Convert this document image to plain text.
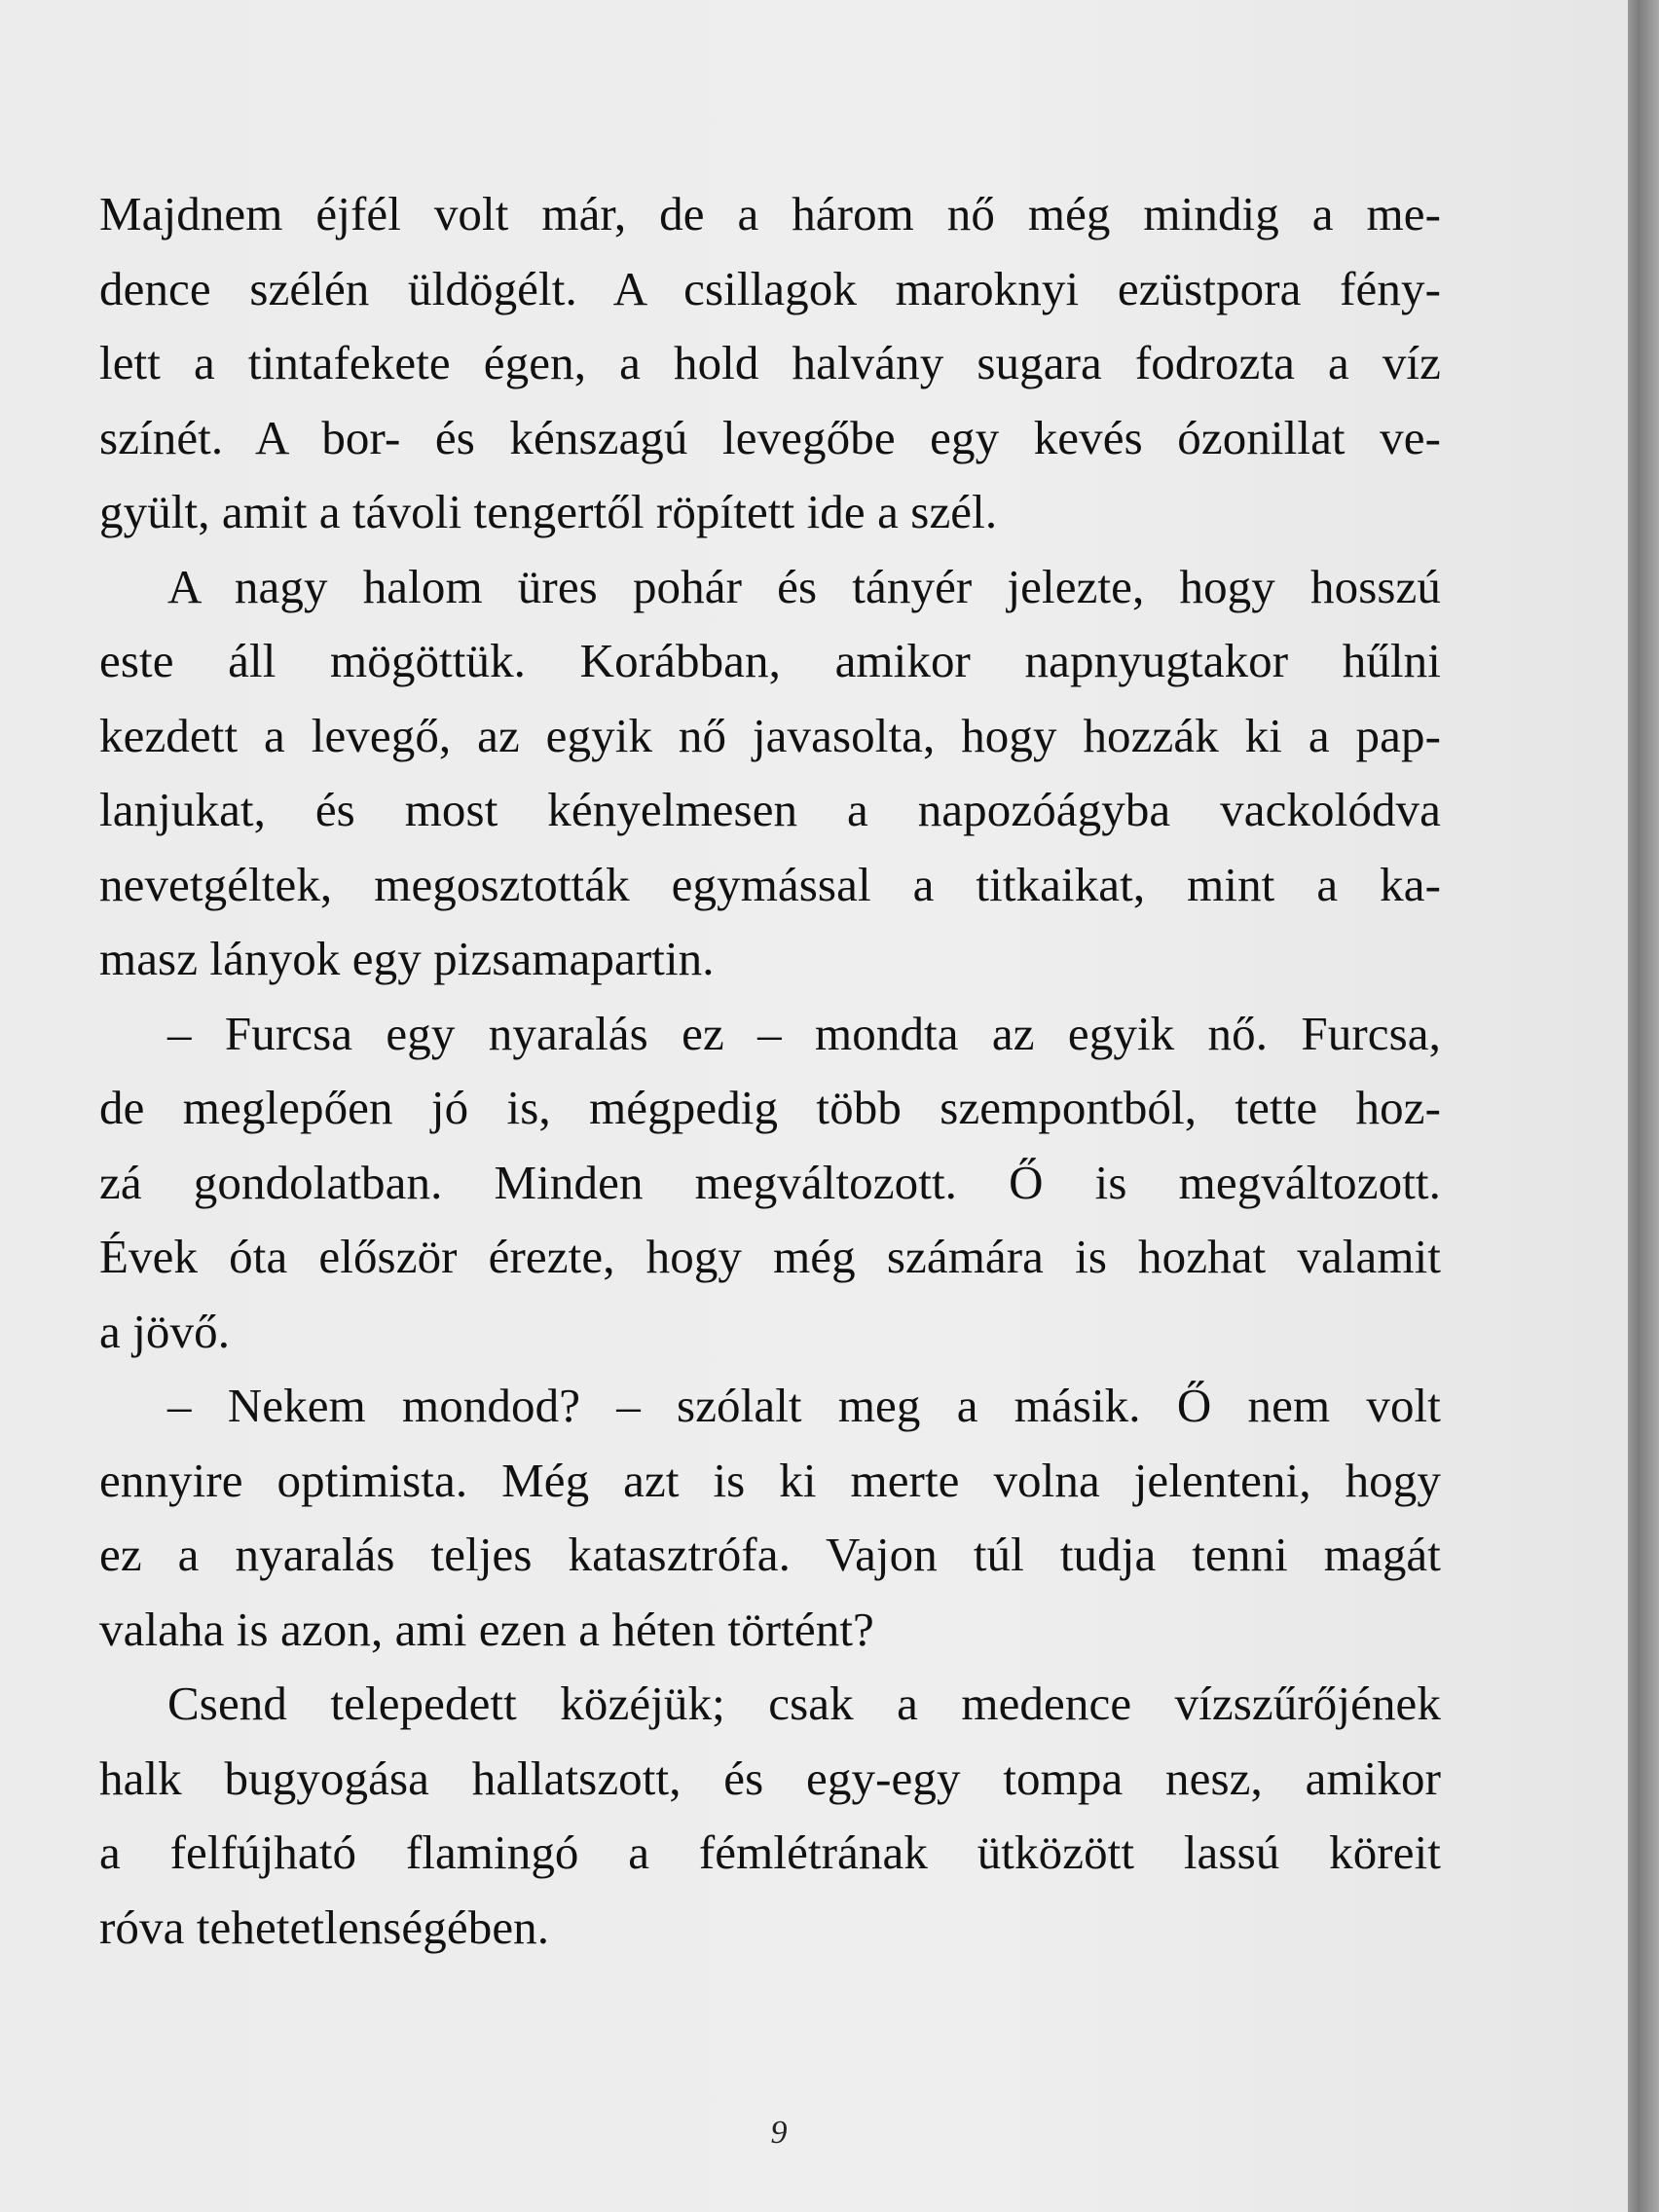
Majdnem éjfél volt már, de a három nő még mindig a me-
dence szélén üldögélt. A csillagok maroknyi ezüstpora fény-
lett a tintafekete égen, a hold halvány sugara fodrozta a víz
színét. A bor- és kénszagú levegőbe egy kevés ózonillat ve-
gyült, amit a távoli tengertől röpített ide a szél.
A nagy halom üres pohár és tányér jelezte, hogy hosszú
este áll mögöttük. Korábban, amikor napnyugtakor hűlni
kezdett a levegő, az egyik nő javasolta, hogy hozzák ki a pap-
lanjukat, és most kényelmesen a napozóágyba vackolódva
nevetgéltek, megosztották egymással a titkaikat, mint a ka-
masz lányok egy pizsamapartin.
– Furcsa egy nyaralás ez – mondta az egyik nő. Furcsa,
de meglepően jó is, mégpedig több szempontból, tette hoz-
zá gondolatban. Minden megváltozott. Ő is megváltozott.
Évek óta először érezte, hogy még számára is hozhat valamit
a jövő.
– Nekem mondod? – szólalt meg a másik. Ő nem volt
ennyire optimista. Még azt is ki merte volna jelenteni, hogy
ez a nyaralás teljes katasztrófa. Vajon túl tudja tenni magát
valaha is azon, ami ezen a héten történt?
Csend telepedett közéjük; csak a medence vízszűrőjének
halk bugyogása hallatszott, és egy-egy tompa nesz, amikor
a felfújható flamingó a fémlétrának ütközött lassú köreit
róva tehetetlenségében.
9
